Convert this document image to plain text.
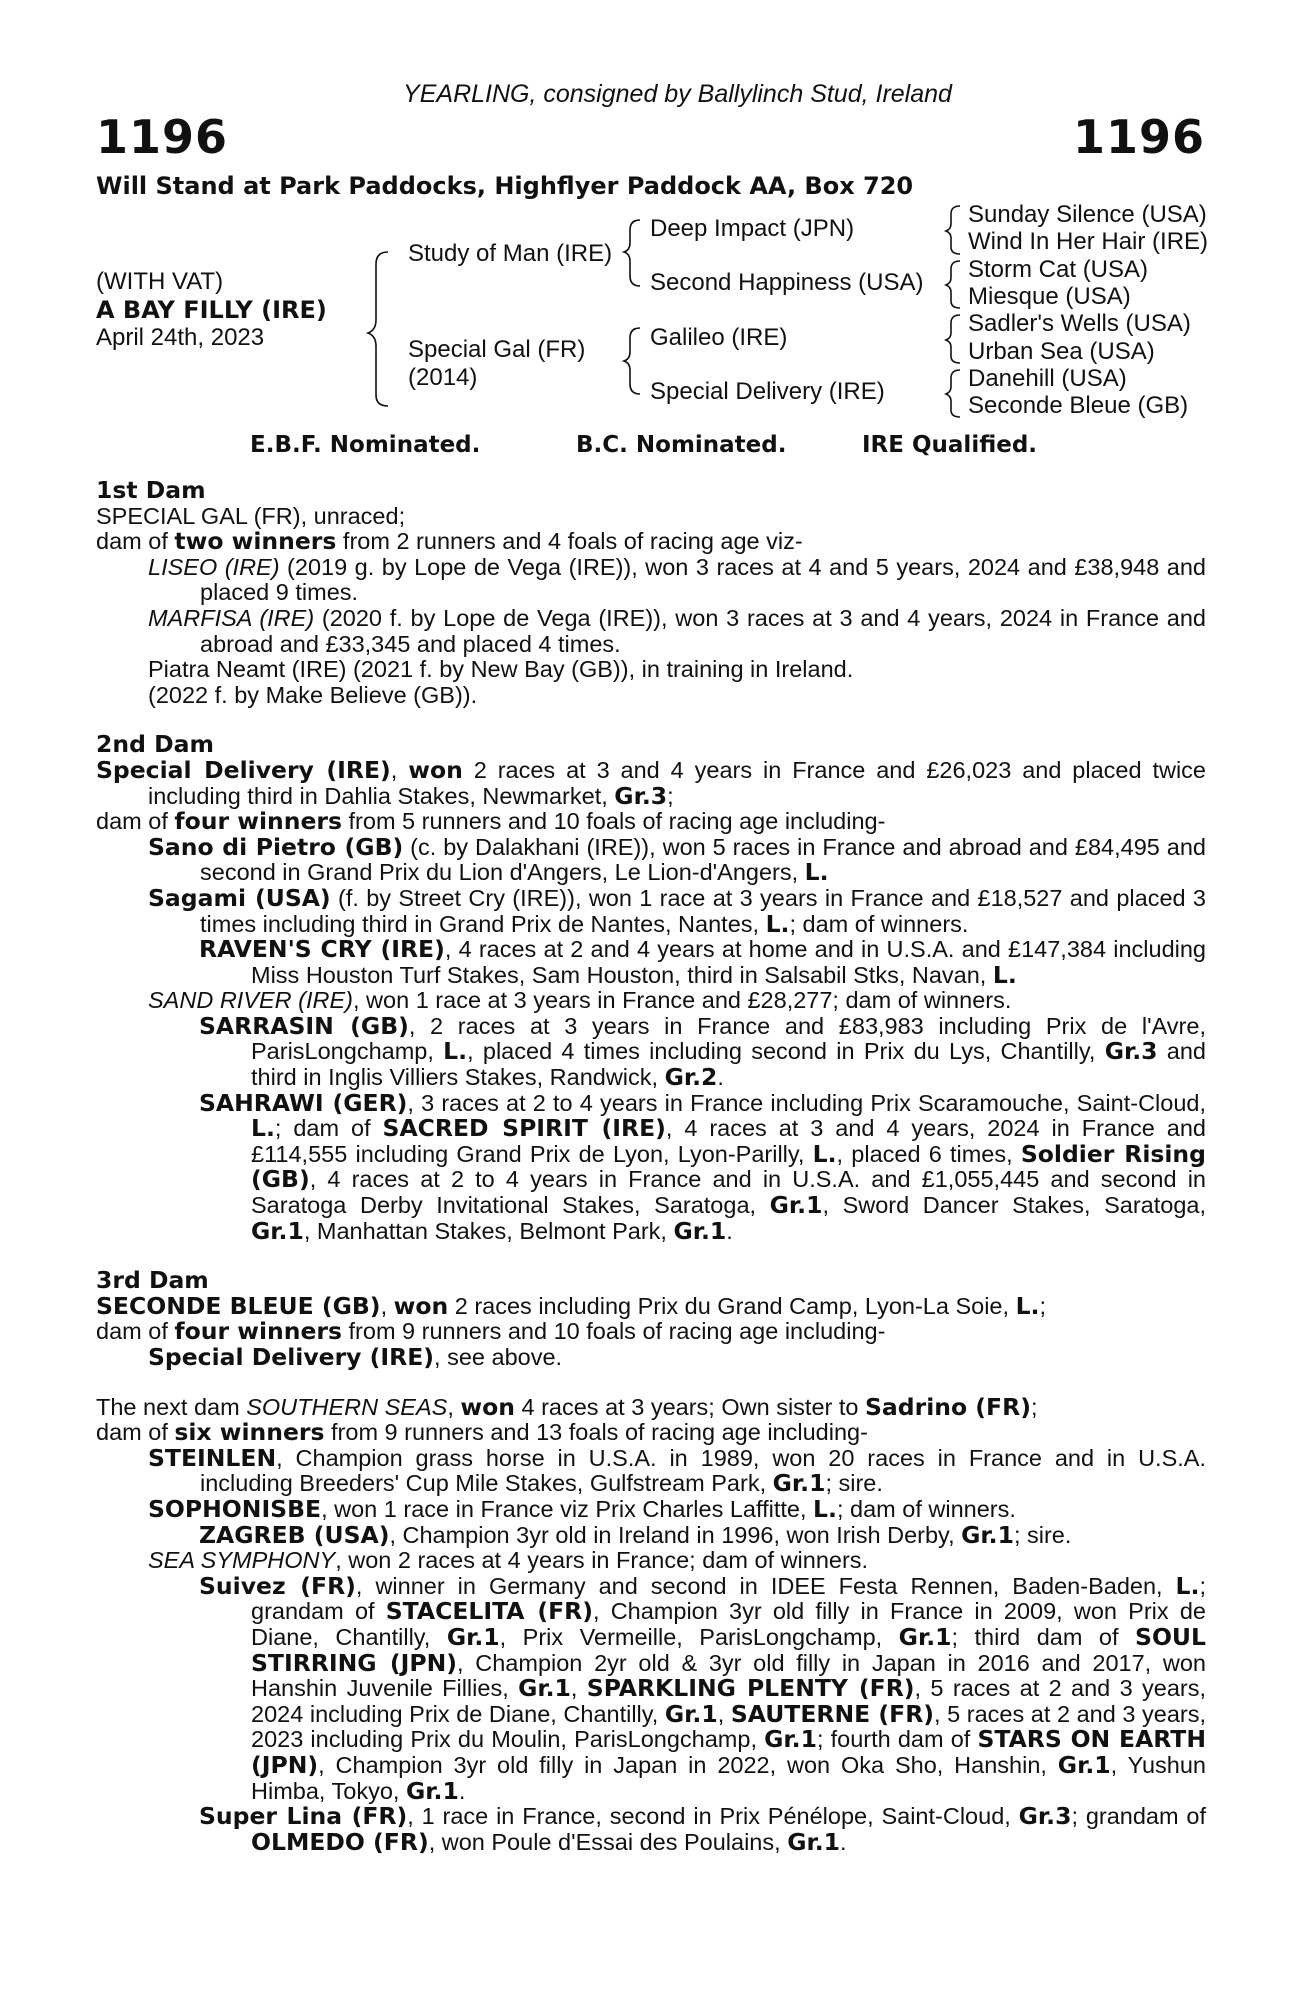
YEARLING, consigned by Ballylinch Stud, Ireland
1196	1196
Will Stand at Park Paddocks, Highflyer Paddock AA, Box 720
(WITH VAT)
A BAY FILLY (IRE)
April 24th, 2023
Study of Man (IRE)
Special Gal (FR)
(2014)
Deep Impact (JPN)
Second Happiness (USA)
Galileo (IRE)
Special Delivery (IRE)
Sunday Silence (USA)
Wind In Her Hair (IRE)
Storm Cat (USA)
Miesque (USA)
Sadler's Wells (USA)
Urban Sea (USA)
Danehill (USA)
Seconde Bleue (GB)
E.B.F. Nominated.	B.C. Nominated.	IRE Qualified.

1st Dam

SPECIAL GAL (FR), unraced;

dam of two winners from 2 runners and 4 foals of racing age viz-

LISEO (IRE) (2019 g. by Lope de Vega (IRE)), won 3 races at 4 and 5 years, 2024 and £38,948 and placed 9 times.

MARFISA (IRE) (2020 f. by Lope de Vega (IRE)), won 3 races at 3 and 4 years, 2024 in France and abroad and £33,345 and placed 4 times.

Piatra Neamt (IRE) (2021 f. by New Bay (GB)), in training in Ireland.

(2022 f. by Make Believe (GB)).

2nd Dam

Special Delivery (IRE), won 2 races at 3 and 4 years in France and £26,023 and placed twice including third in Dahlia Stakes, Newmarket, Gr.3;

dam of four winners from 5 runners and 10 foals of racing age including-

Sano di Pietro (GB) (c. by Dalakhani (IRE)), won 5 races in France and abroad and £84,495 and second in Grand Prix du Lion d'Angers, Le Lion-d'Angers, L.

Sagami (USA) (f. by Street Cry (IRE)), won 1 race at 3 years in France and £18,527 and placed 3 times including third in Grand Prix de Nantes, Nantes, L.; dam of winners.

RAVEN'S CRY (IRE), 4 races at 2 and 4 years at home and in U.S.A. and £147,384 including Miss Houston Turf Stakes, Sam Houston, third in Salsabil Stks, Navan, L.

SAND RIVER (IRE), won 1 race at 3 years in France and £28,277; dam of winners.

SARRASIN (GB), 2 races at 3 years in France and £83,983 including Prix de l'Avre, ParisLongchamp, L., placed 4 times including second in Prix du Lys, Chantilly, Gr.3 and third in Inglis Villiers Stakes, Randwick, Gr.2.

SAHRAWI (GER), 3 races at 2 to 4 years in France including Prix Scaramouche, Saint-Cloud, L.; dam of SACRED SPIRIT (IRE), 4 races at 3 and 4 years, 2024 in France and £114,555 including Grand Prix de Lyon, Lyon-Parilly, L., placed 6 times, Soldier Rising (GB), 4 races at 2 to 4 years in France and in U.S.A. and £1,055,445 and second in Saratoga Derby Invitational Stakes, Saratoga, Gr.1, Sword Dancer Stakes, Saratoga, Gr.1, Manhattan Stakes, Belmont Park, Gr.1.

3rd Dam

SECONDE BLEUE (GB), won 2 races including Prix du Grand Camp, Lyon-La Soie, L.;

dam of four winners from 9 runners and 10 foals of racing age including-

Special Delivery (IRE), see above.

The next dam SOUTHERN SEAS, won 4 races at 3 years; Own sister to Sadrino (FR);

dam of six winners from 9 runners and 13 foals of racing age including-

STEINLEN, Champion grass horse in U.S.A. in 1989, won 20 races in France and in U.S.A. including Breeders' Cup Mile Stakes, Gulfstream Park, Gr.1; sire.

SOPHONISBE, won 1 race in France viz Prix Charles Laffitte, L.; dam of winners.

ZAGREB (USA), Champion 3yr old in Ireland in 1996, won Irish Derby, Gr.1; sire.

SEA SYMPHONY, won 2 races at 4 years in France; dam of winners.

Suivez (FR), winner in Germany and second in IDEE Festa Rennen, Baden-Baden, L.; grandam of STACELITA (FR), Champion 3yr old filly in France in 2009, won Prix de Diane, Chantilly, Gr.1, Prix Vermeille, ParisLongchamp, Gr.1; third dam of SOUL STIRRING (JPN), Champion 2yr old & 3yr old filly in Japan in 2016 and 2017, won Hanshin Juvenile Fillies, Gr.1, SPARKLING PLENTY (FR), 5 races at 2 and 3 years, 2024 including Prix de Diane, Chantilly, Gr.1, SAUTERNE (FR), 5 races at 2 and 3 years, 2023 including Prix du Moulin, ParisLongchamp, Gr.1; fourth dam of STARS ON EARTH (JPN), Champion 3yr old filly in Japan in 2022, won Oka Sho, Hanshin, Gr.1, Yushun Himba, Tokyo, Gr.1.

Super Lina (FR), 1 race in France, second in Prix Pénélope, Saint-Cloud, Gr.3; grandam of OLMEDO (FR), won Poule d'Essai des Poulains, Gr.1.
